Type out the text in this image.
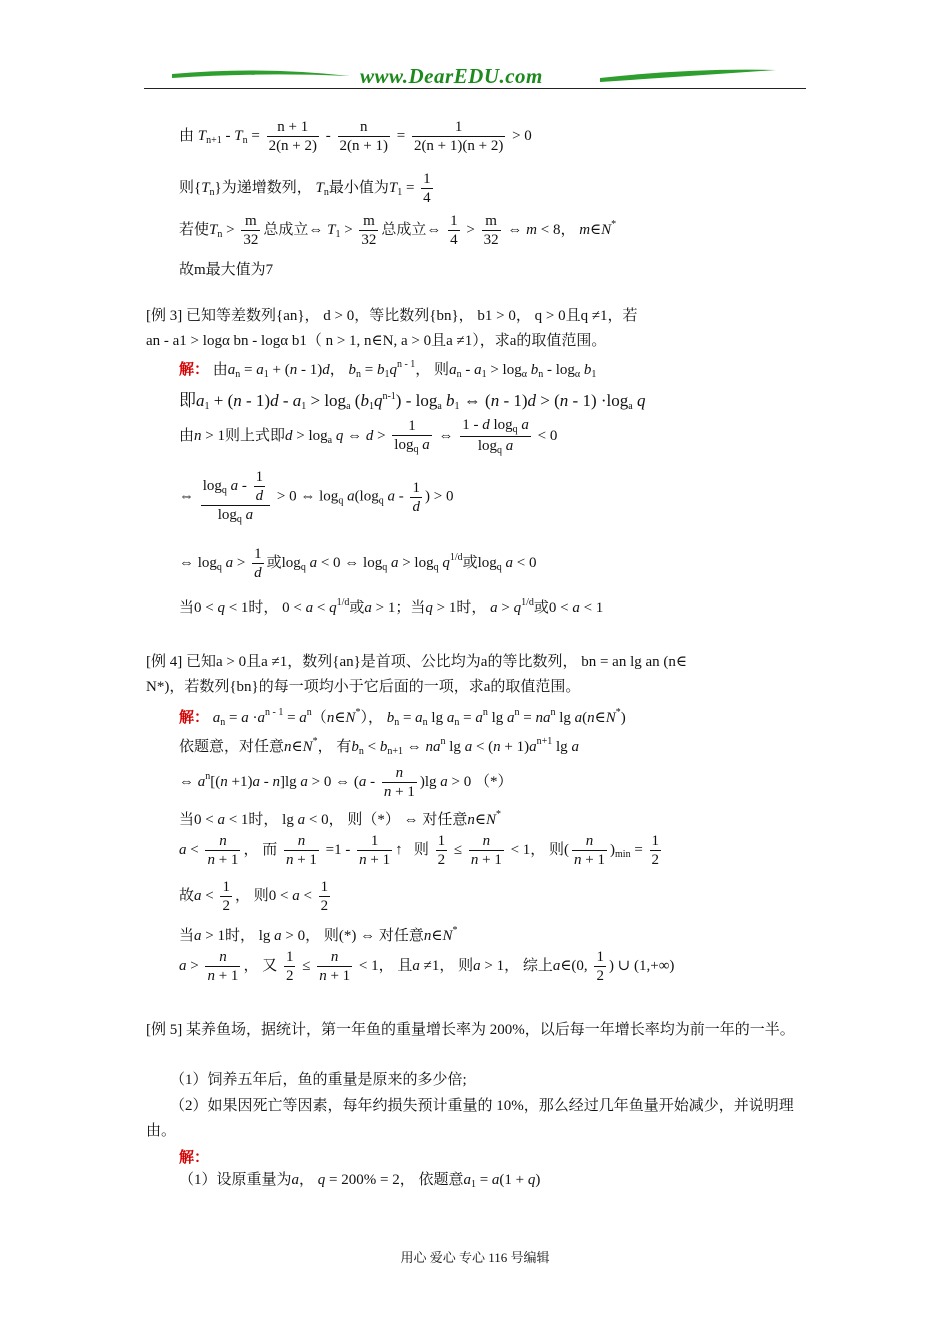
www.DearEDU.com
由 $T_{n+1} - T_n = \frac{n + 1}{2(n + 2)} - \frac{n}{2(n + 1)} = \frac{1}{2(n + 1)(n + 2)} > 0$
则$\{T_n\}$为递增数列， $T_n$最小值为$T_1 = \frac{1}{4}$
若使$T_n > \frac{m}{32}$ 总成立⇔ $T_1 > \frac{m}{32}$ 总成立⇔ $\frac{1}{4} > \frac{m}{32}$ ⇔ m < 8， m∈N*
故m最大值为7
[例 3] 已知等差数列{an}， d > 0，等比数列{bn}， b1 > 0， q > 0且q ≠1，若
an - a1 > logα bn - logα b1（ n > 1, n∈N, a > 0且a ≠1），求a的取值范围。
解： 由$a_n = a_1 + (n - 1)d$， $b_n = b_1q^{n - 1}$， 则$a_n - a_1 > \log_\alpha b_n - \log_\alpha b_1$
即$a_1 + (n - 1)d - a_1 > \log_a (b_1q^{n-1}) - \log_a b_1$ ⇔ $(n - 1)d > (n - 1) \cdot\log_a$ q
由n > 1则上式即$d > \log_a q$ ⇔ $d > \frac{1}{\log_q a}$ ⇔ $\frac{1 - d \log_q a}{\log_q a} < 0$
⇔ $\frac{\log_q a - \frac{1}{d}}{\log_q a} > 0$ ⇔ $\log_q a(\log_q$ a - $\frac{1}{d}$ ) > 0
⇔ $\log_q a > \frac{1}{d}$ 或$\log_q a < 0$ ⇔ $\log_q a > \log_q q^{1/d}$或$\log_q a < 0$
当0 < q < 1时， $0 < a < q^{1/d}$或a > 1；当q > 1时， $a > q^{1/d}$或0 < a < 1
[例 4] 已知a > 0且a ≠1，数列{an}是首项、公比均为a的等比数列， bn = an lg an (n∈
N*)，若数列{bn}的每一项均小于它后面的一项，求a的取值范围。
解： $a_n = a \cdot a^{n - 1}$ = $a^n(n\in N^*)$， $b_n = a_n$ $\lg a_n = a^n$ $\lg a^n = na^n$ lg a(n∈N*)
依题意，对任意n∈N*， 有$b_n < b_{n+1}$ ⇔ $na^n$ $\lg a < (n + 1)a^{n+1}$ lg a
⇔ $a^n[(n +1)a - n]\lg$ a > 0 ⇔ $(a - \frac{n}{n + 1} )\lg$ a > 0 （*）
当0 < a < 1时， lg a < 0， 则（*） ⇔ 对任意n∈N*
$a < \frac{n}{n + 1}$ ， 而 $\frac{n}{n + 1} =1 - \frac{1}{n + 1}$ ↑   则 $\frac{1}{2} \le \frac{n}{n + 1} < 1$， 则( $\frac{n}{n + 1} )_{min} = \frac{1}{2}$
故$a < \frac{1}{2}$ ， 则$0 < a < \frac{1}{2}$
当a > 1时， lg a > 0， 则(*) ⇔ 对任意n∈N*
$a > \frac{n}{n + 1}$ ， 又 $\frac{1}{2} \le \frac{n}{n + 1} < 1$， 且a ≠1， 则a > 1， 综上a∈(0, $\frac{1}{2}$ ) ∪ (1,+∞)
[例 5] 某养鱼场，据统计，第一年鱼的重量增长率为 200%，以后每一年增长率均为前一年的一半。
（1）饲养五年后，鱼的重量是原来的多少倍;
（2）如果因死亡等因素，每年约损失预计重量的 10%，那么经过几年鱼量开始减少，并说明理由。
解：
（1）设原重量为a， q = 200% = 2， 依题意$a_1 = a(1 + q)$
用心 爱心 专心 116 号编辑
